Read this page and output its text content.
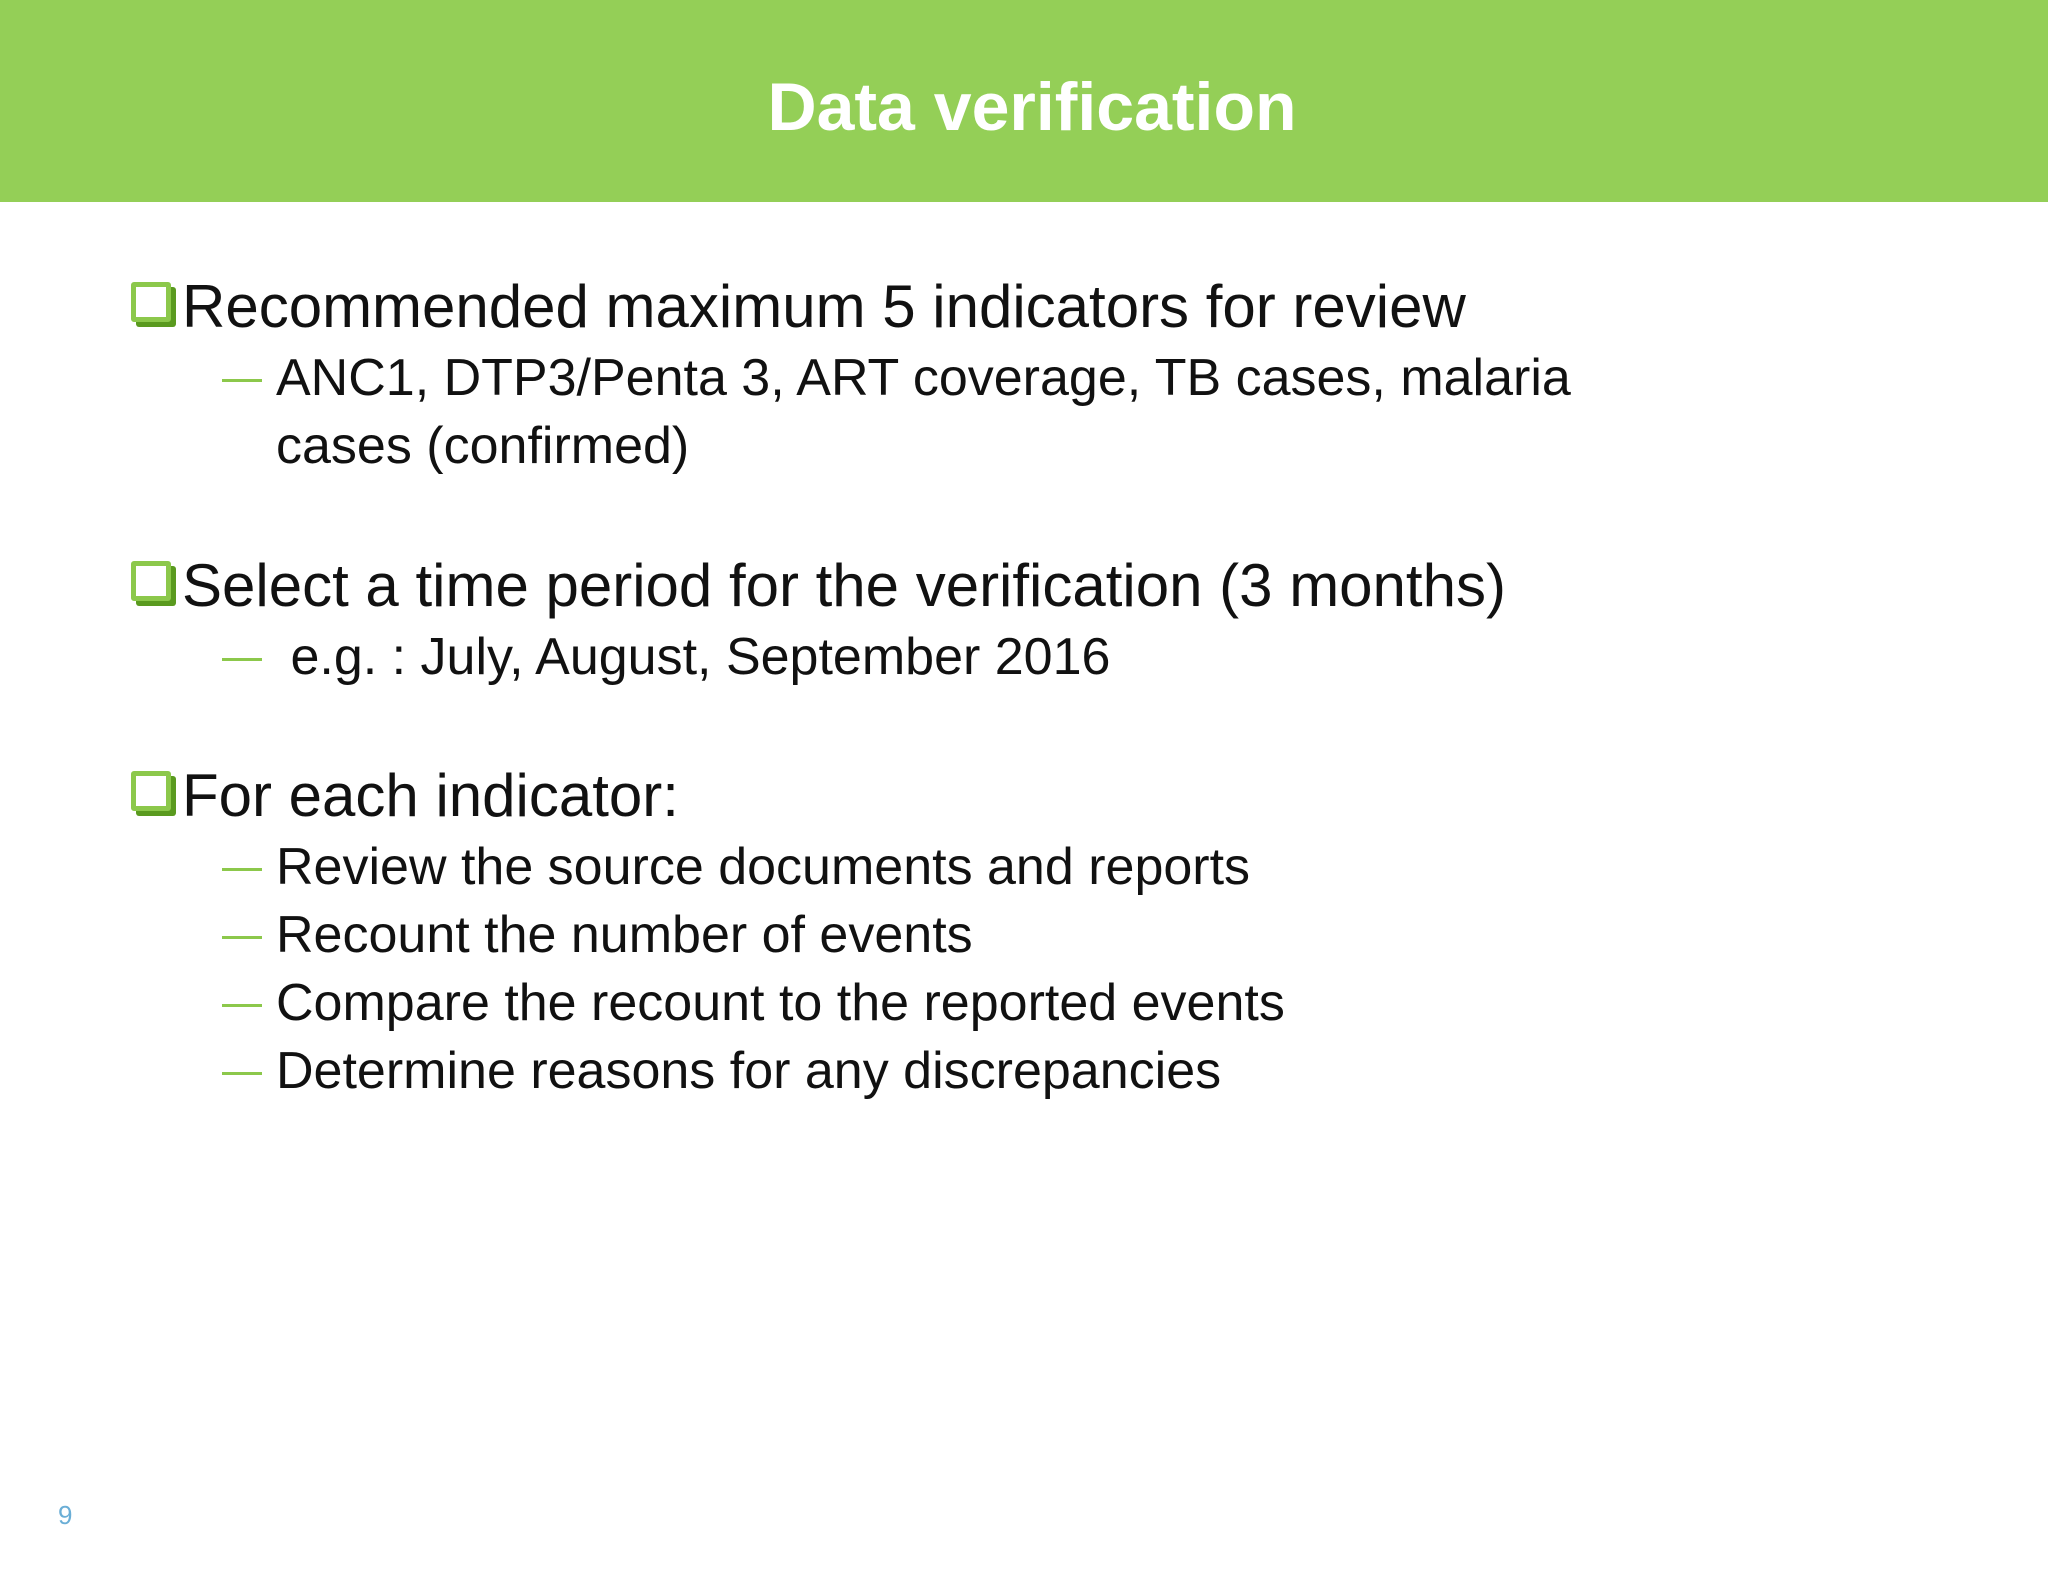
Data verification
Recommended maximum 5 indicators for review
ANC1, DTP3/Penta 3, ART coverage, TB cases, malaria
cases (confirmed)
Select a time period for the verification (3 months)
e.g. : July, August, September 2016
For each indicator:
Review the source documents and reports
Recount the number of events
Compare the recount to the reported events
Determine reasons for any discrepancies
9
